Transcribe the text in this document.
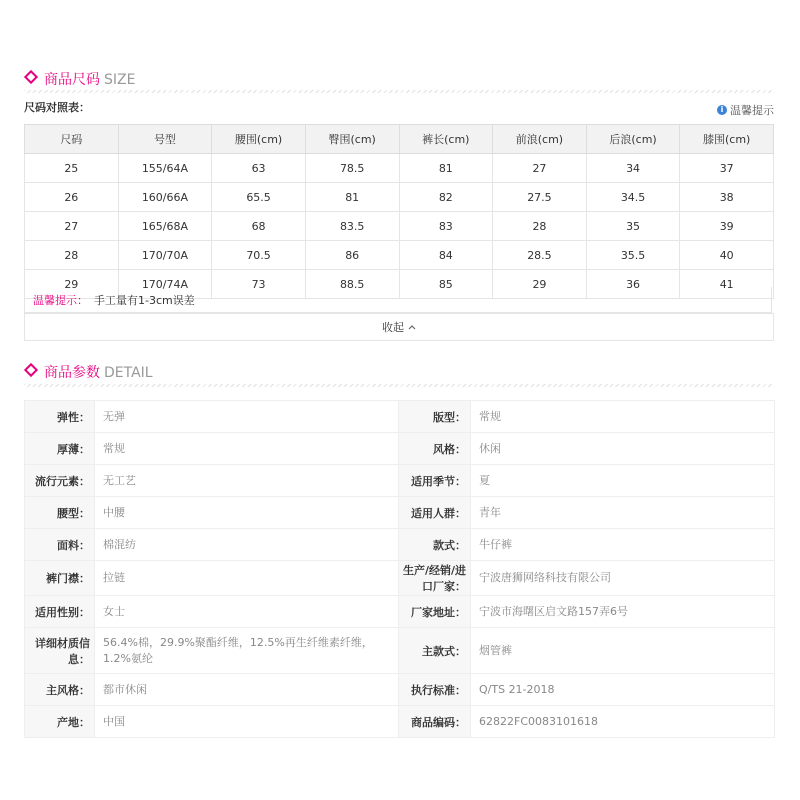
商品尺码 SIZE
尺码对照表：	i 温馨提示
尺码	号型	腰围(cm)	臀围(cm)	裤长(cm)	前浪(cm)	后浪(cm)	膝围(cm)
25	155/64A	63	78.5	81	27	34	37
26	160/66A	65.5	81	82	27.5	34.5	38
27	165/68A	68	83.5	83	28	35	39
28	170/70A	70.5	86	84	28.5	35.5	40
29	170/74A	73	88.5	85	29	36	41
温馨提示： 手工量有1-3cm误差
收起
商品参数 DETAIL
弹性：	无弹	版型：	常规
厚薄：	常规	风格：	休闲
流行元素：	无工艺	适用季节：	夏
腰型：	中腰	适用人群：	青年
面料：	棉混纺	款式：	牛仔裤
裤门襟：	拉链	生产/经销/进口厂家：	宁波唐狮网络科技有限公司
适用性别：	女士	厂家地址：	宁波市海曙区启文路157弄6号
详细材质信息：	56.4%棉，29.9%聚酯纤维，12.5%再生纤维素纤维，1.2%氨纶	主款式：	烟管裤
主风格：	都市休闲	执行标准：	Q/TS 21-2018
产地：	中国	商品编码：	62822FC0083101618
